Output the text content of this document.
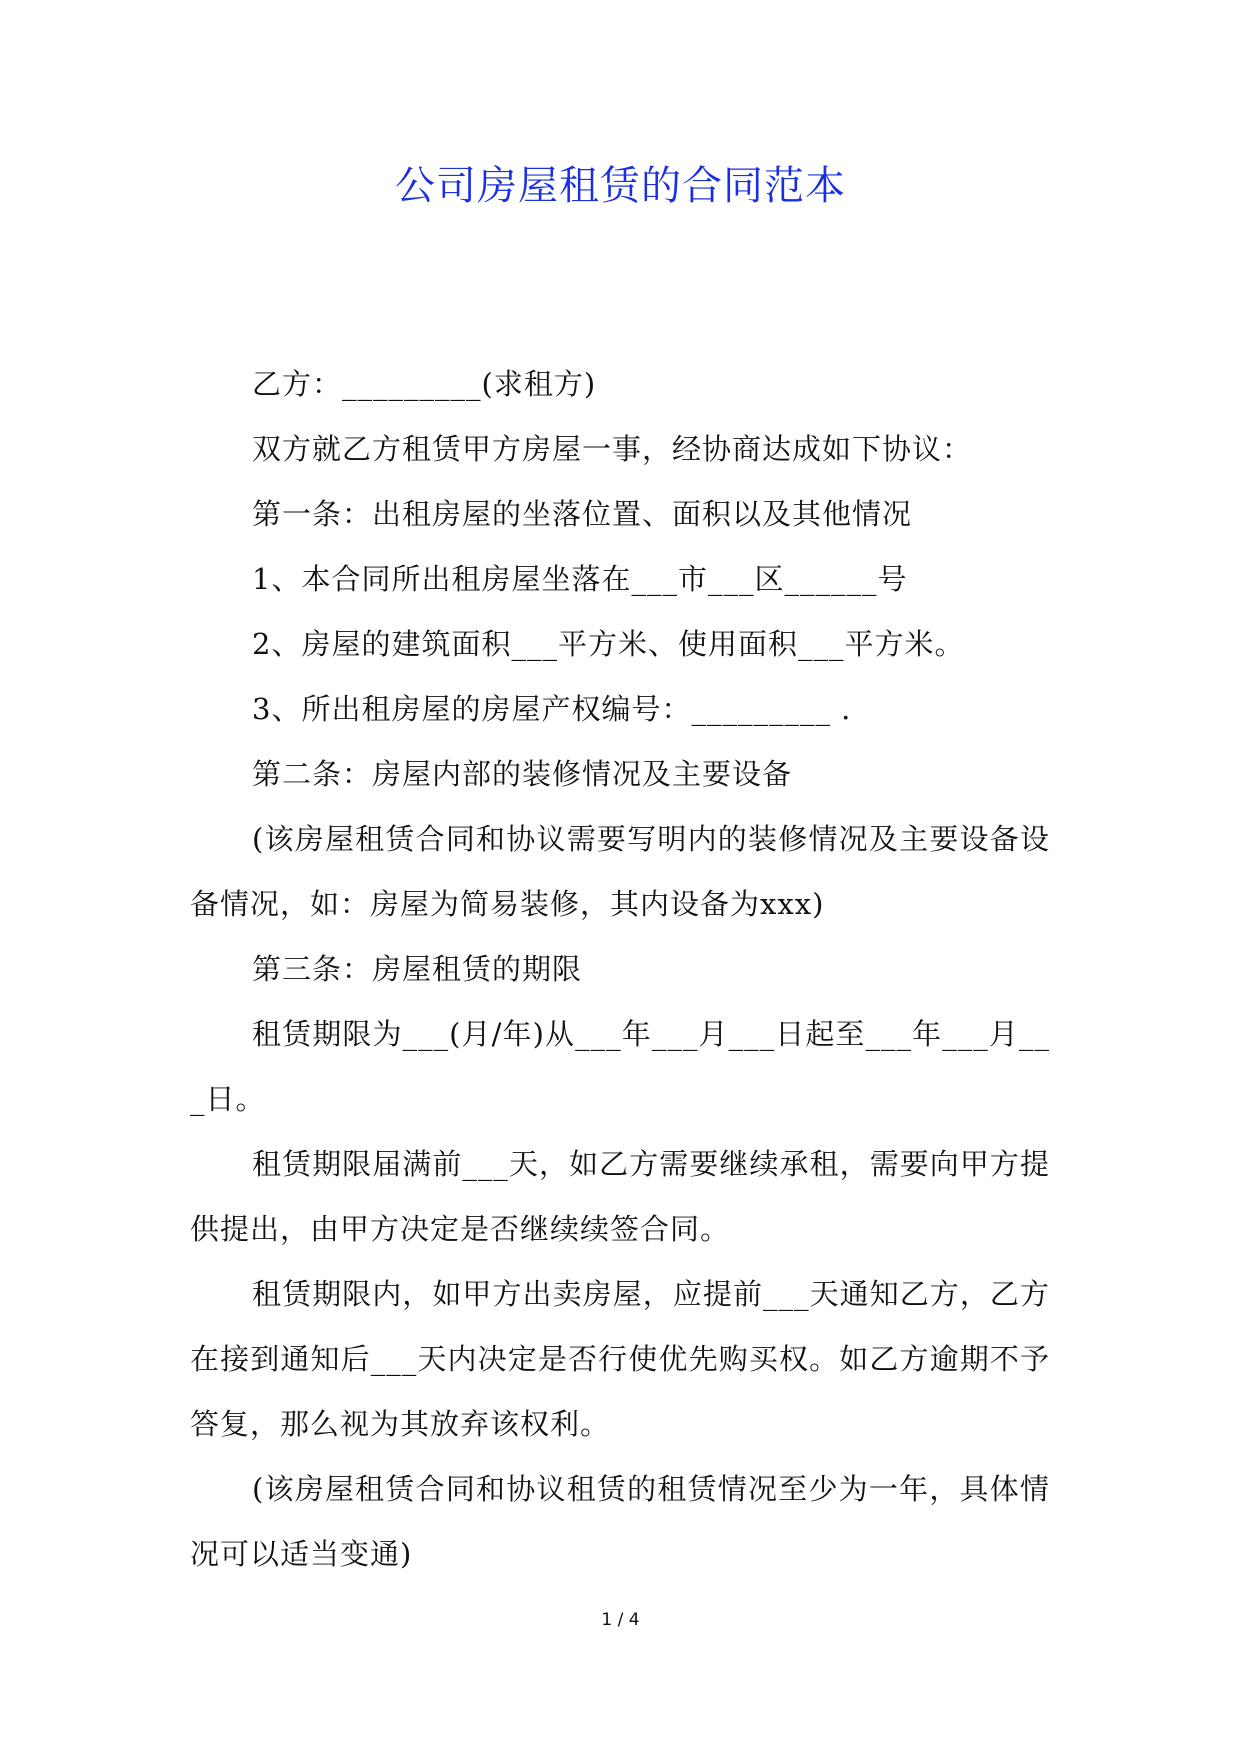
公司房屋租赁的合同范本

乙方：_________(求租方)

双方就乙方租赁甲方房屋一事，经协商达成如下协议：

第一条：出租房屋的坐落位置、面积以及其他情况

1、本合同所出租房屋坐落在___市___区______号

2、房屋的建筑面积___平方米、使用面积___平方米。

3、所出租房屋的房屋产权编号：_________ .

第二条：房屋内部的装修情况及主要设备

(该房屋租赁合同和协议需要写明内的装修情况及主要设备设备情况，如：房屋为简易装修，其内设备为xxx)

第三条：房屋租赁的期限

租赁期限为___(月/年)从___年___月___日起至___年___月___日。

租赁期限届满前___天，如乙方需要继续承租，需要向甲方提供提出，由甲方决定是否继续续签合同。

租赁期限内，如甲方出卖房屋，应提前___天通知乙方，乙方在接到通知后___天内决定是否行使优先购买权。如乙方逾期不予答复，那么视为其放弃该权利。

(该房屋租赁合同和协议租赁的租赁情况至少为一年，具体情况可以适当变通)

1 / 4
